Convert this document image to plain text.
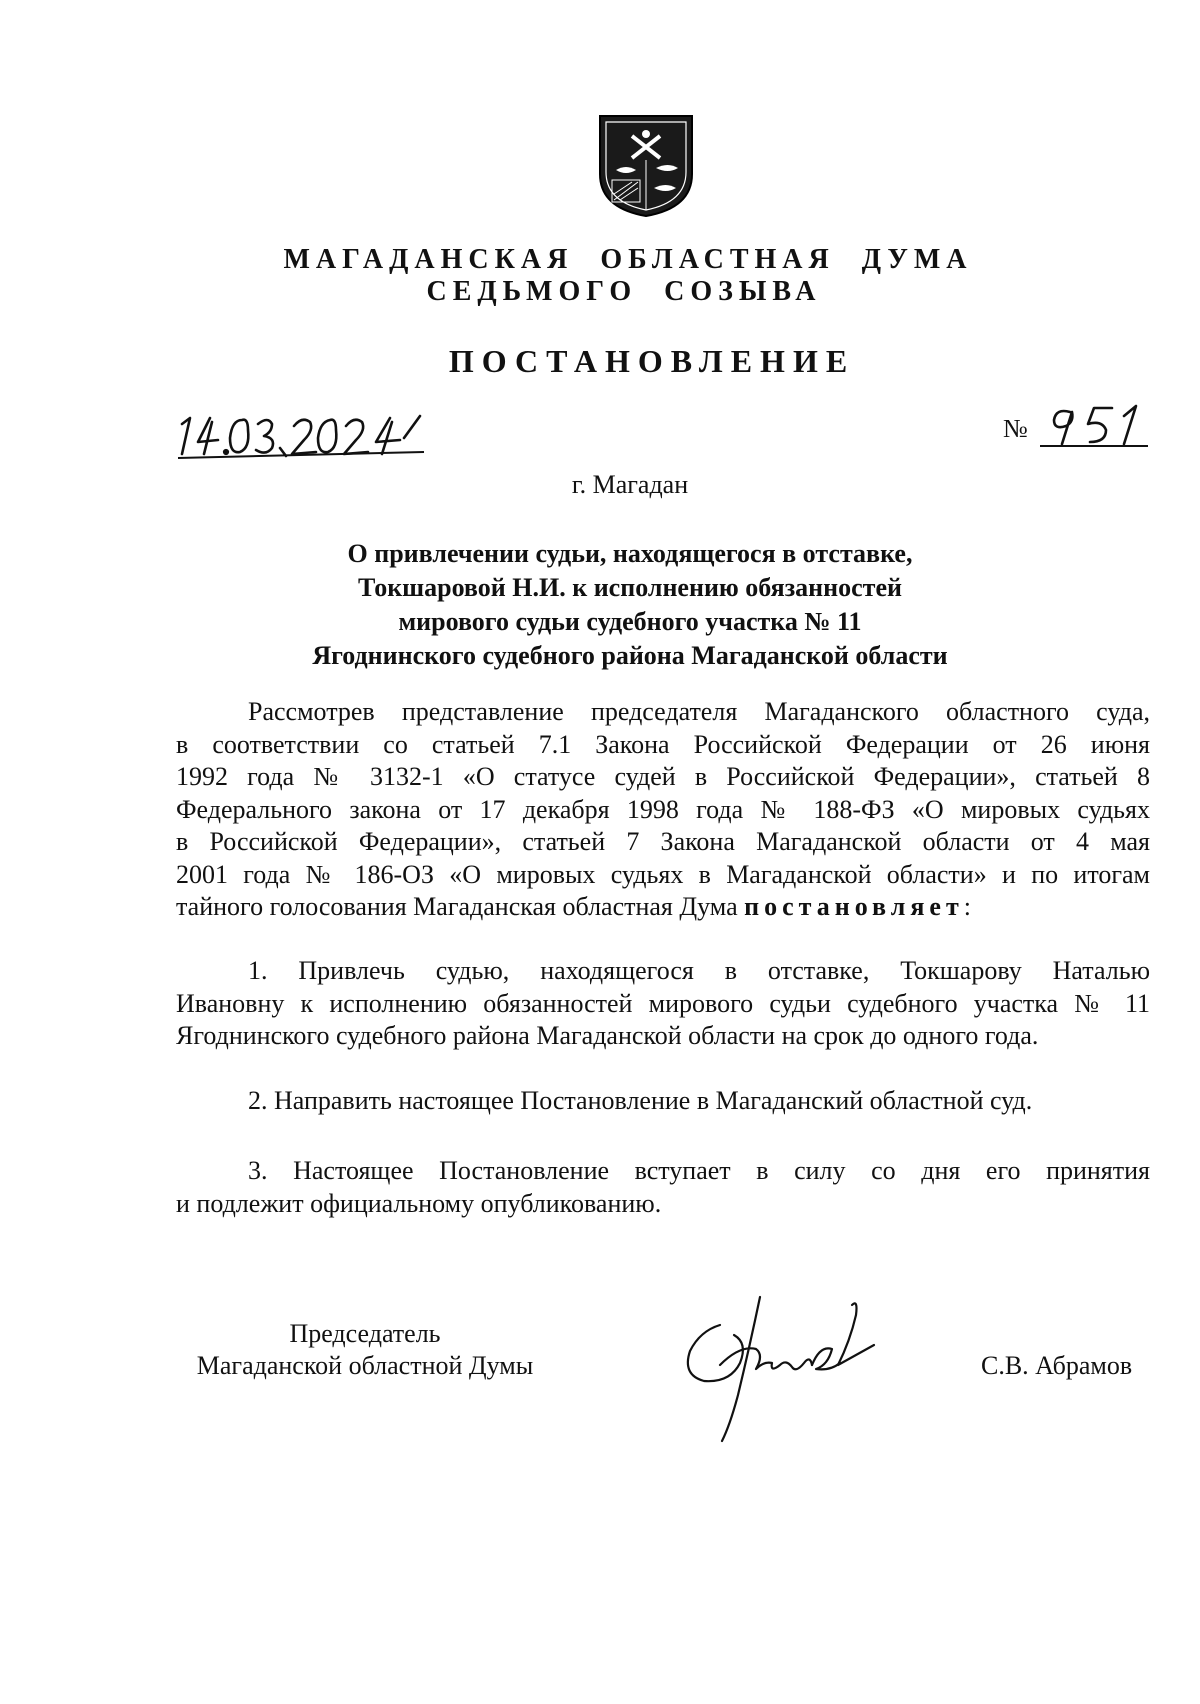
МАГАДАНСКАЯ ОБЛАСТНАЯ ДУМА
СЕДЬМОГО СОЗЫВА
ПОСТАНОВЛЕНИЕ
№
г. Магадан
О привлечении судьи, находящегося в отставке,
Токшаровой Н.И. к исполнению обязанностей
мирового судьи судебного участка № 11
Ягоднинского судебного района Магаданской области
Рассмотрев представление председателя Магаданского областного суда,
в соответствии со статьей 7.1 Закона Российской Федерации от 26 июня
1992 года № 3132-1 «О статусе судей в Российской Федерации», статьей 8
Федерального закона от 17 декабря 1998 года № 188-ФЗ «О мировых судьях
в Российской Федерации», статьей 7 Закона Магаданской области от 4 мая
2001 года № 186-ОЗ «О мировых судьях в Магаданской области» и по итогам
тайного голосования Магаданская областная Дума постановляет:
1. Привлечь судью, находящегося в отставке, Токшарову Наталью
Ивановну к исполнению обязанностей мирового судьи судебного участка № 11
Ягоднинского судебного района Магаданской области на срок до одного года.
2. Направить настоящее Постановление в Магаданский областной суд.
3. Настоящее Постановление вступает в силу со дня его принятия
и подлежит официальному опубликованию.
Председатель
Магаданской областной Думы	С.В. Абрамов
